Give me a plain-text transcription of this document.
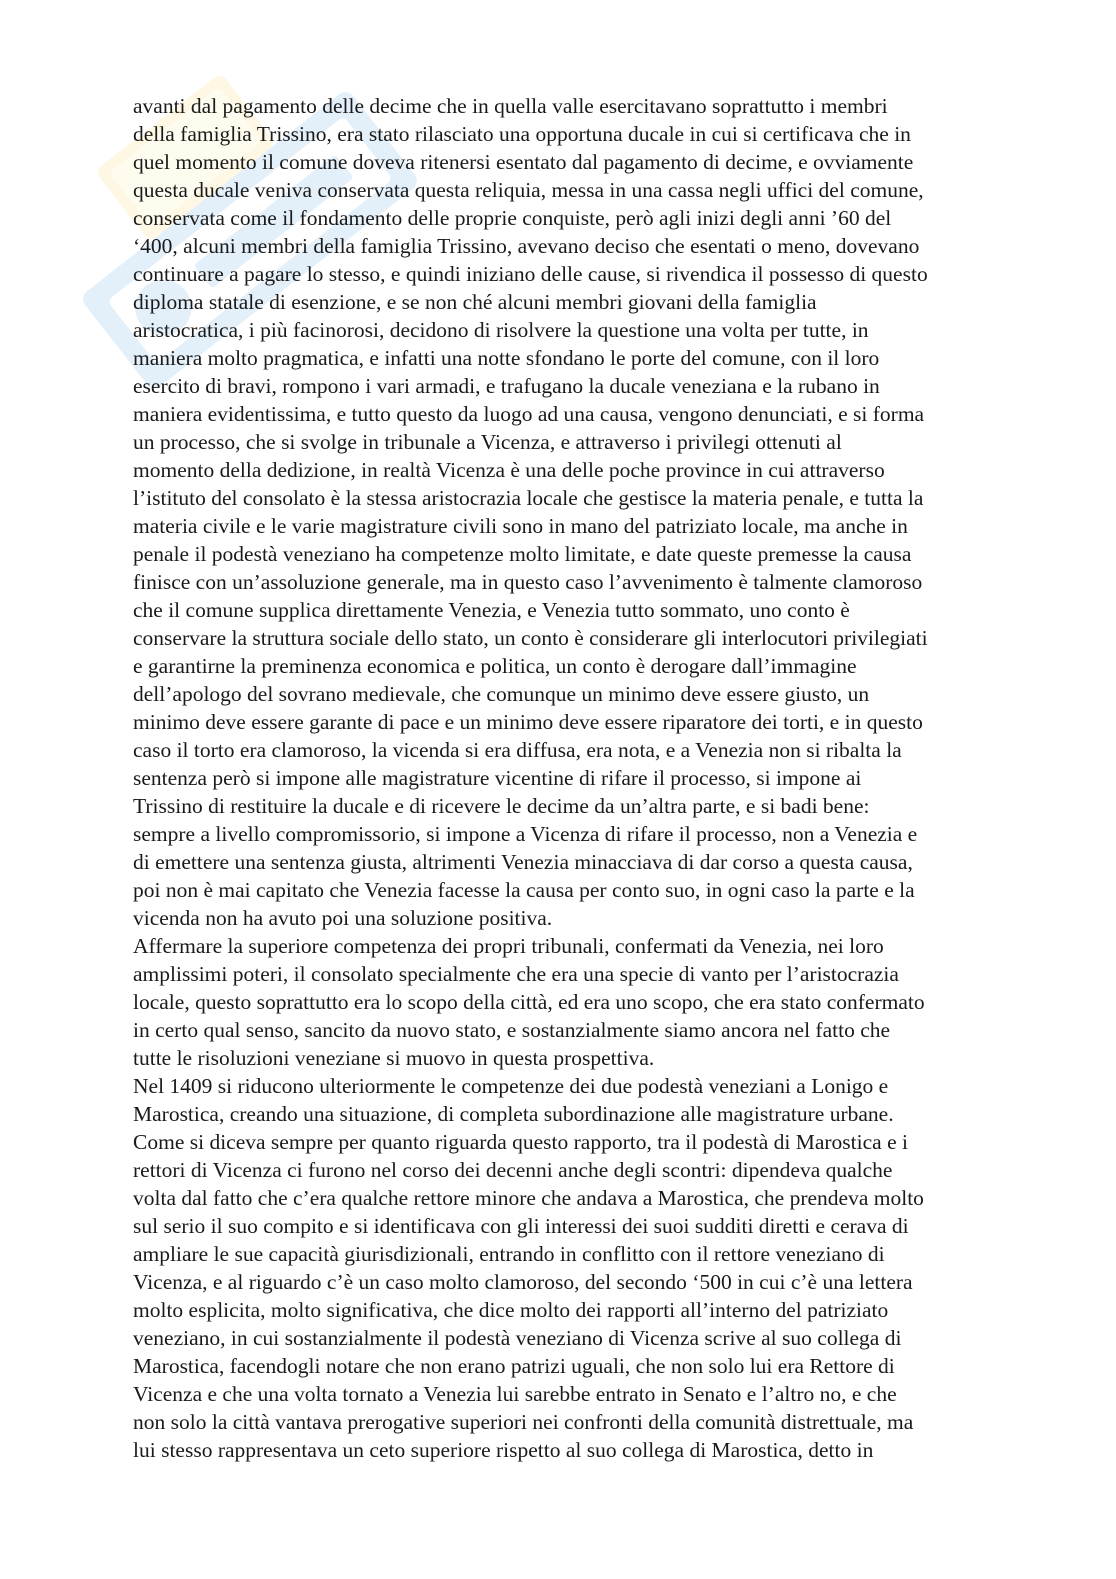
avanti dal pagamento delle decime che in quella valle esercitavano soprattutto i membri
della famiglia Trissino, era stato rilasciato una opportuna ducale in cui si certificava che in
quel momento il comune doveva ritenersi esentato dal pagamento di decime, e ovviamente
questa ducale veniva conservata questa reliquia, messa in una cassa negli uffici del comune,
conservata come il fondamento delle proprie conquiste, però agli inizi degli anni ’60 del
‘400, alcuni membri della famiglia Trissino, avevano deciso che esentati o meno, dovevano
continuare a pagare lo stesso, e quindi iniziano delle cause, si rivendica il possesso di questo
diploma statale di esenzione, e se non ché alcuni membri giovani della famiglia
aristocratica, i più facinorosi, decidono di risolvere la questione una volta per tutte, in
maniera molto pragmatica, e infatti una notte sfondano le porte del comune, con il loro
esercito di bravi, rompono i vari armadi, e trafugano la ducale veneziana e la rubano in
maniera evidentissima, e tutto questo da luogo ad una causa, vengono denunciati, e si forma
un processo, che si svolge in tribunale a Vicenza, e attraverso i privilegi ottenuti al
momento della dedizione, in realtà Vicenza è una delle poche province in cui attraverso
l’istituto del consolato è la stessa aristocrazia locale che gestisce la materia penale, e tutta la
materia civile e le varie magistrature civili sono in mano del patriziato locale, ma anche in
penale il podestà veneziano ha competenze molto limitate, e date queste premesse la causa
finisce con un’assoluzione generale, ma in questo caso l’avvenimento è talmente clamoroso
che il comune supplica direttamente Venezia, e Venezia tutto sommato, uno conto è
conservare la struttura sociale dello stato, un conto è considerare gli interlocutori privilegiati
e garantirne la preminenza economica e politica, un conto è derogare dall’immagine
dell’apologo del sovrano medievale, che comunque un minimo deve essere giusto, un
minimo deve essere garante di pace e un minimo deve essere riparatore dei torti, e in questo
caso il torto era clamoroso, la vicenda si era diffusa, era nota, e a Venezia non si ribalta la
sentenza però si impone alle magistrature vicentine di rifare il processo, si impone ai
Trissino di restituire la ducale e di ricevere le decime da un’altra parte, e si badi bene:
sempre a livello compromissorio, si impone a Vicenza di rifare il processo, non a Venezia e
di emettere una sentenza giusta, altrimenti Venezia minacciava di dar corso a questa causa,
poi non è mai capitato che Venezia facesse la causa per conto suo, in ogni caso la parte e la
vicenda non ha avuto poi una soluzione positiva.

Affermare la superiore competenza dei propri tribunali, confermati da Venezia, nei loro
amplissimi poteri, il consolato specialmente che era una specie di vanto per l’aristocrazia
locale, questo soprattutto era lo scopo della città, ed era uno scopo, che era stato confermato
in certo qual senso, sancito da nuovo stato, e sostanzialmente siamo ancora nel fatto che
tutte le risoluzioni veneziane si muovo in questa prospettiva.

Nel 1409 si riducono ulteriormente le competenze dei due podestà veneziani a Lonigo e
Marostica, creando una situazione, di completa subordinazione alle magistrature urbane.
Come si diceva sempre per quanto riguarda questo rapporto, tra il podestà di Marostica e i
rettori di Vicenza ci furono nel corso dei decenni anche degli scontri: dipendeva qualche
volta dal fatto che c’era qualche rettore minore che andava a Marostica, che prendeva molto
sul serio il suo compito e si identificava con gli interessi dei suoi sudditi diretti e cerava di
ampliare le sue capacità giurisdizionali, entrando in conflitto con il rettore veneziano di
Vicenza, e al riguardo c’è un caso molto clamoroso, del secondo ‘500 in cui c’è una lettera
molto esplicita, molto significativa, che dice molto dei rapporti all’interno del patriziato
veneziano, in cui sostanzialmente il podestà veneziano di Vicenza scrive al suo collega di
Marostica, facendogli notare che non erano patrizi uguali, che non solo lui era Rettore di
Vicenza e che una volta tornato a Venezia lui sarebbe entrato in Senato e l’altro no, e che
non solo la città vantava prerogative superiori nei confronti della comunità distrettuale, ma
lui stesso rappresentava un ceto superiore rispetto al suo collega di Marostica, detto in
